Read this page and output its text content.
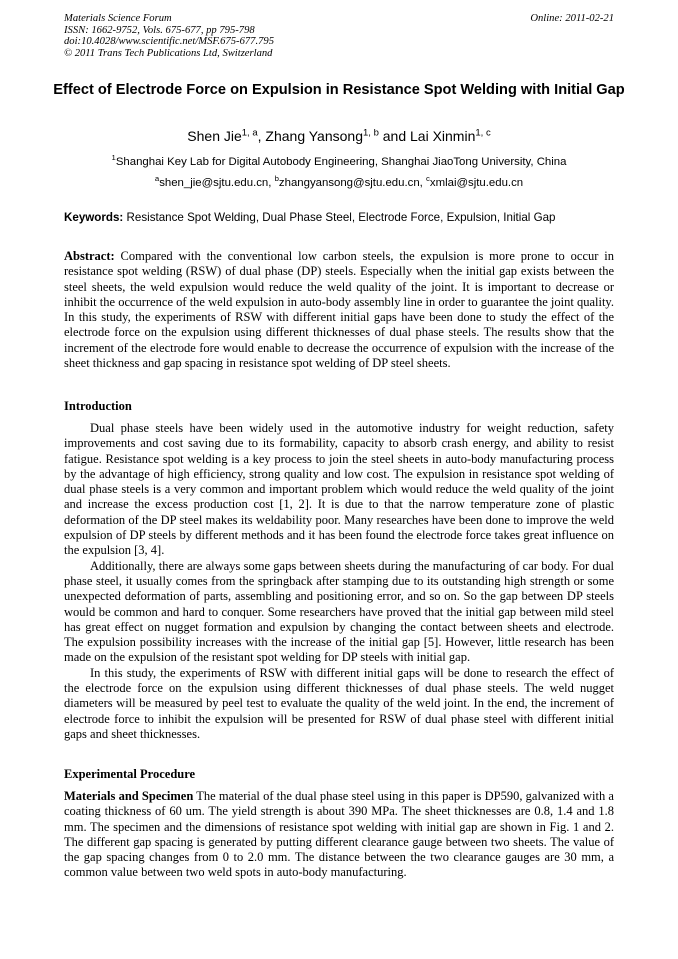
Materials Science Forum
ISSN: 1662-9752, Vols. 675-677, pp 795-798
doi:10.4028/www.scientific.net/MSF.675-677.795
© 2011 Trans Tech Publications Ltd, Switzerland
Online: 2011-02-21
Effect of Electrode Force on Expulsion in Resistance Spot Welding with Initial Gap
Shen Jie$^{1, a}$, Zhang Yansong$^{1, b}$ and Lai Xinmin$^{1, c}$
$^1$Shanghai Key Lab for Digital Autobody Engineering, Shanghai JiaoTong University, China
$^a$shen_jie@sjtu.edu.cn, $^b$zhangyansong@sjtu.edu.cn, $^c$xmlai@sjtu.edu.cn
Keywords: Resistance Spot Welding, Dual Phase Steel, Electrode Force, Expulsion, Initial Gap
Abstract: Compared with the conventional low carbon steels, the expulsion is more prone to occur in resistance spot welding (RSW) of dual phase (DP) steels. Especially when the initial gap exists between the steel sheets, the weld expulsion would reduce the weld quality of the joint. It is important to decrease or inhibit the occurrence of the weld expulsion in auto-body assembly line in order to guarantee the joint quality. In this study, the experiments of RSW with different initial gaps have been done to study the effect of the electrode force on the expulsion using different thicknesses of dual phase steels. The results show that the increment of the electrode fore would enable to decrease the occurrence of expulsion with the increase of the sheet thickness and gap spacing in resistance spot welding of DP steel sheets.
Introduction

Dual phase steels have been widely used in the automotive industry for weight reduction, safety improvements and cost saving due to its formability, capacity to absorb crash energy, and ability to resist fatigue. Resistance spot welding is a key process to join the steel sheets in auto-body manufacturing process by the advantage of high efficiency, strong quality and low cost. The expulsion in resistance spot welding of dual phase steels is a very common and important problem which would reduce the weld quality of the joint and increase the excess production cost [1, 2]. It is due to that the narrow temperature zone of plastic deformation of the DP steel makes its weldability poor. Many researches have been done to improve the weld expulsion of DP steels by different methods and it has been found the electrode force takes great influence on the expulsion [3, 4].

Additionally, there are always some gaps between sheets during the manufacturing of car body. For dual phase steel, it usually comes from the springback after stamping due to its outstanding high strength or some unexpected deformation of parts, assembling and positioning error, and so on. So the gap between DP steels would be common and hard to conquer. Some researchers have proved that the initial gap between mild steel has great effect on nugget formation and expulsion by changing the contact between sheets and electrode. The expulsion possibility increases with the increase of the initial gap [5]. However, little research has been made on the expulsion of the resistant spot welding for DP steels with initial gap.

In this study, the experiments of RSW with different initial gaps will be done to research the effect of the electrode force on the expulsion using different thicknesses of dual phase steels. The weld nugget diameters will be measured by peel test to evaluate the quality of the weld joint. In the end, the increment of electrode force to inhibit the expulsion will be presented for RSW of dual phase steel with different initial gaps and sheet thicknesses.

Experimental Procedure
Materials and Specimen The material of the dual phase steel using in this paper is DP590, galvanized with a coating thickness of 60 um. The yield strength is about 390 MPa. The sheet thicknesses are 0.8, 1.4 and 1.8 mm. The specimen and the dimensions of resistance spot welding with initial gap are shown in Fig. 1 and 2. The different gap spacing is generated by putting different clearance gauge between two sheets. The value of the gap spacing changes from 0 to 2.0 mm. The distance between the two clearance gauges are 30 mm, a common value between two weld spots in auto-body manufacturing.
